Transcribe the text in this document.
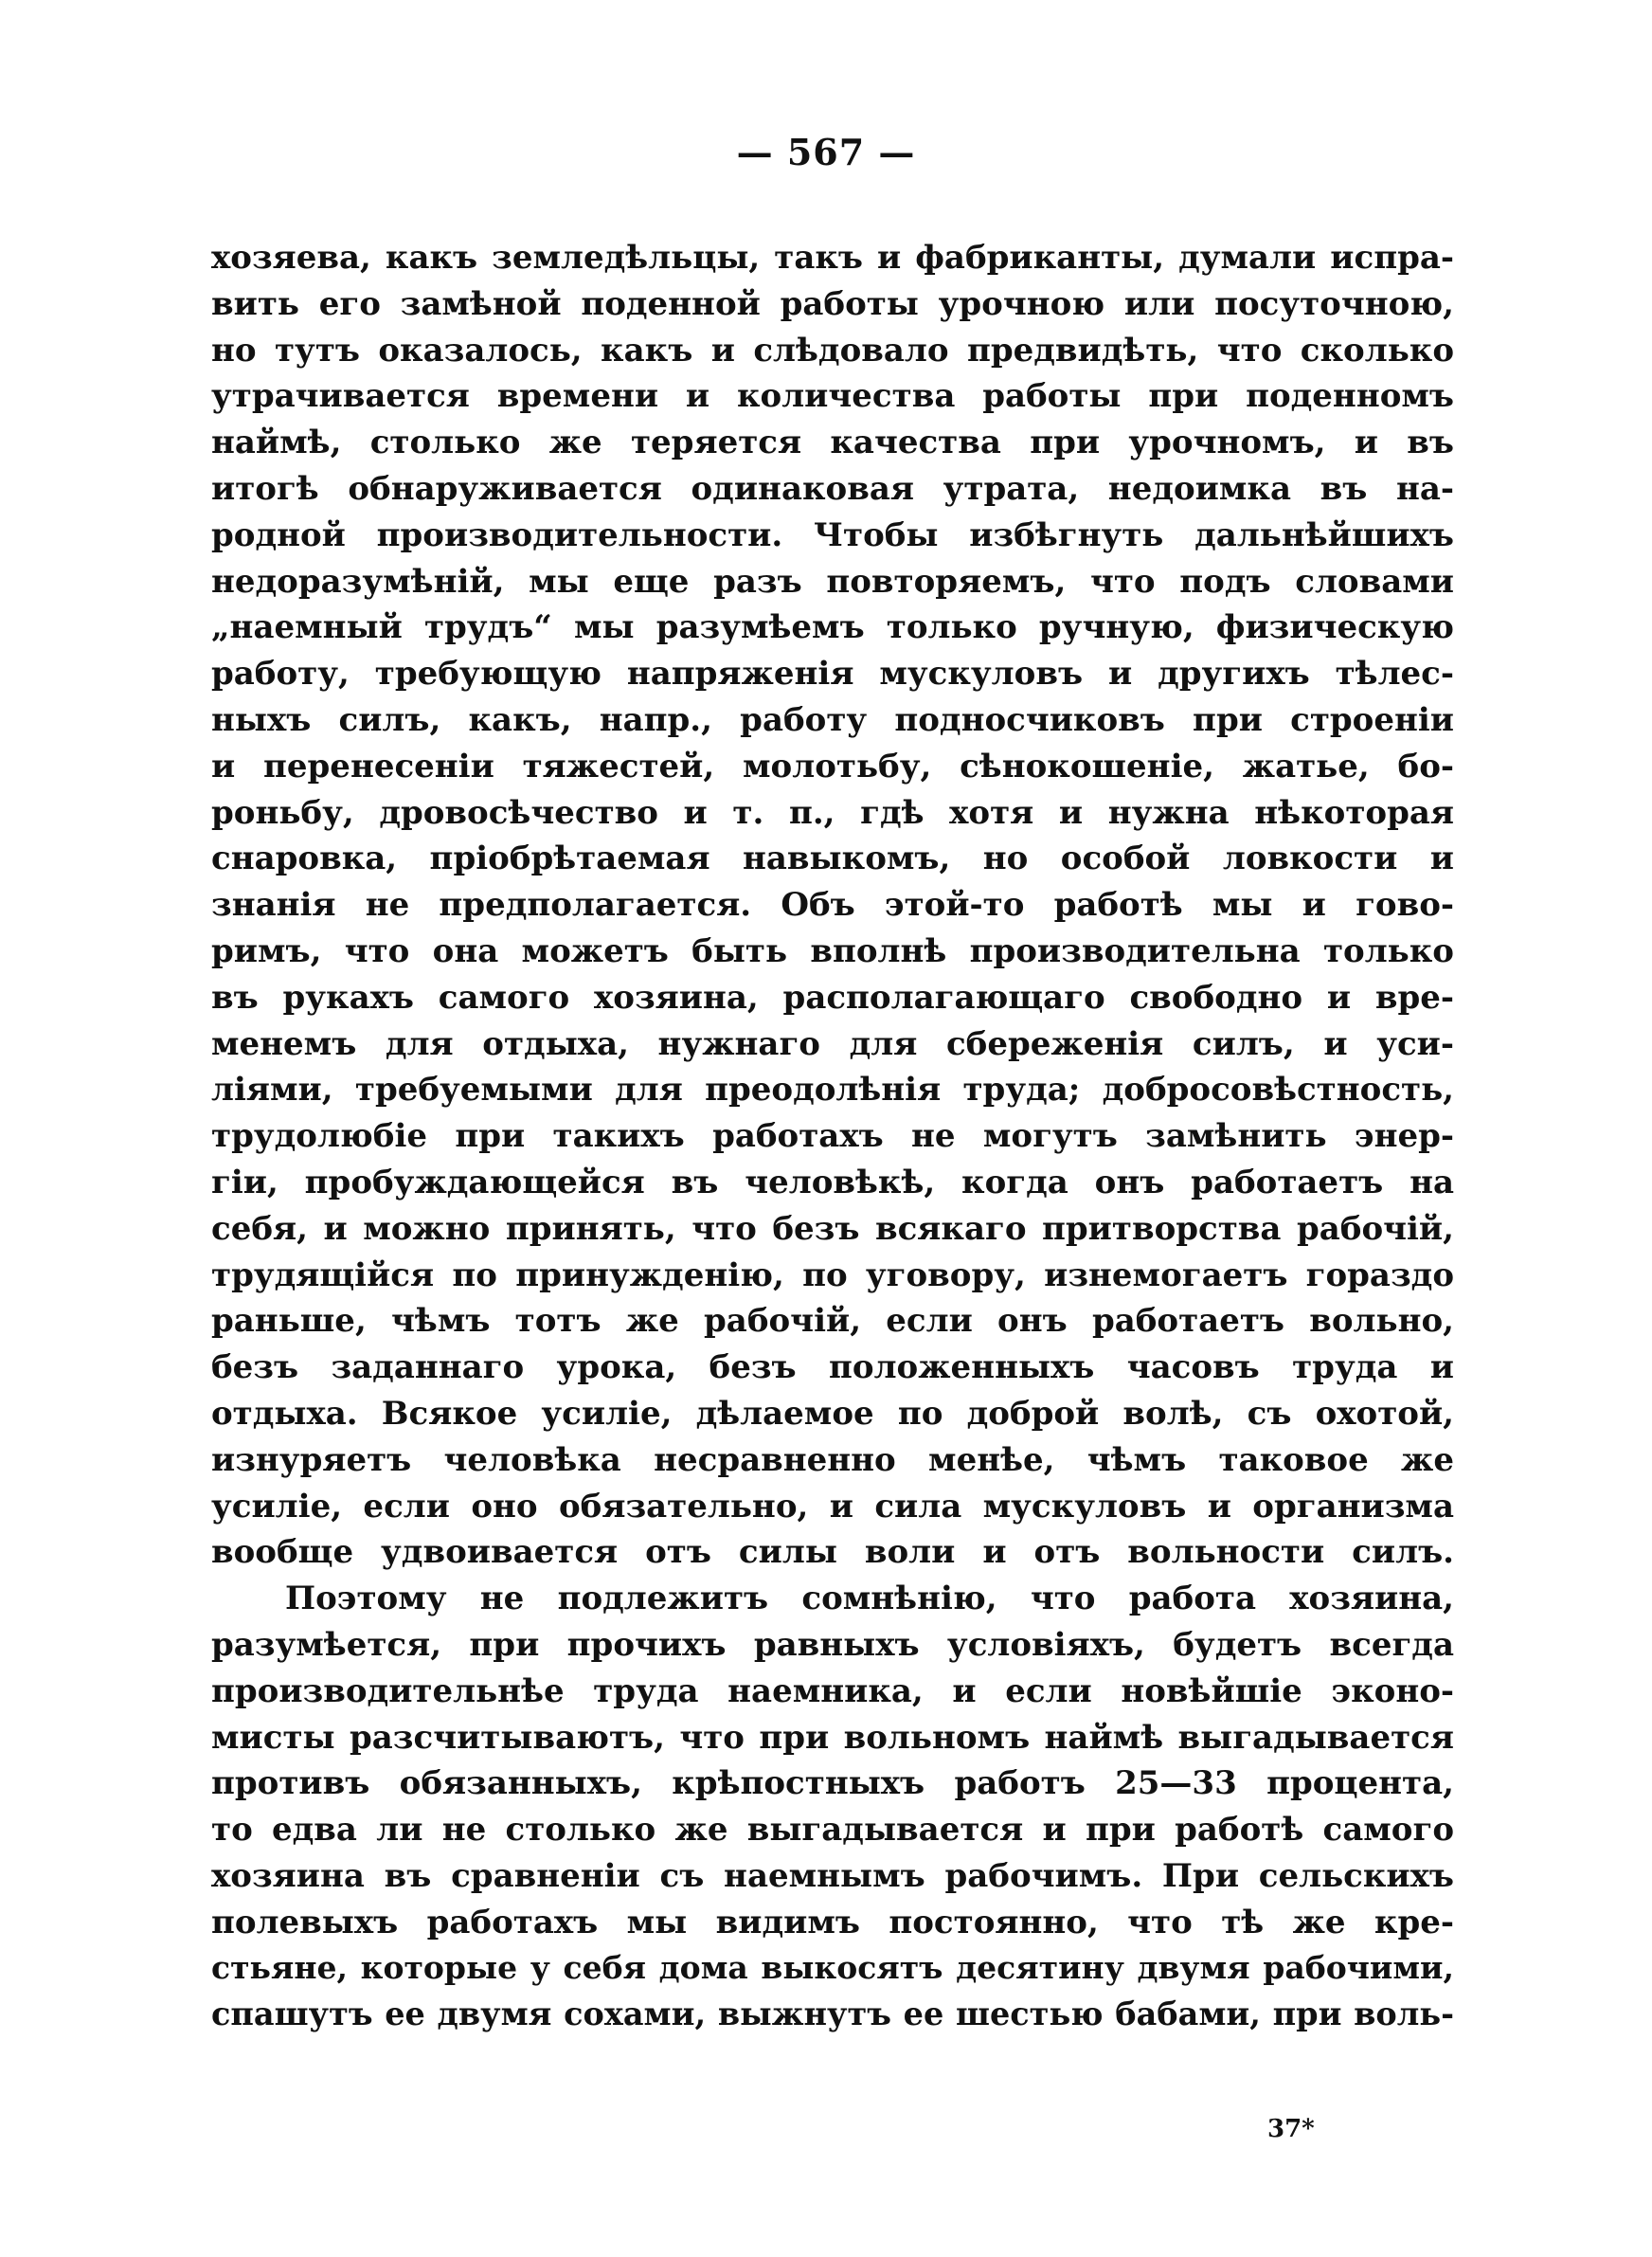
— 567 —
хозяева, какъ земледѣльцы, такъ и фабриканты, думали испра-
вить его замѣной поденной работы урочною или посуточною,
но тутъ оказалось, какъ и слѣдовало предвидѣть, что сколько
утрачивается времени и количества работы при поденномъ
наймѣ, столько же теряется качества при урочномъ, и въ
итогѣ обнаруживается одинаковая утрата, недоимка въ на-
родной производительности. Чтобы избѣгнуть дальнѣйшихъ
недоразумѣній, мы еще разъ повторяемъ, что подъ словами
„наемный трудъ“ мы разумѣемъ только ручную, физическую
работу, требующую напряженія мускуловъ и другихъ тѣлес-
ныхъ силъ, какъ, напр., работу подносчиковъ при строеніи
и перенесеніи тяжестей, молотьбу, сѣнокошеніе, жатье, бо-
роньбу, дровосѣчество и т. п., гдѣ хотя и нужна нѣкоторая
снаровка, пріобрѣтаемая навыкомъ, но особой ловкости и
знанія не предполагается. Объ этой-то работѣ мы и гово-
римъ, что она можетъ быть вполнѣ производительна только
въ рукахъ самого хозяина, располагающаго свободно и вре-
менемъ для отдыха, нужнаго для сбереженія силъ, и уси-
ліями, требуемыми для преодолѣнія труда; добросовѣстность,
трудолюбіе при такихъ работахъ не могутъ замѣнить энер-
гіи, пробуждающейся въ человѣкѣ, когда онъ работаетъ на
себя, и можно принять, что безъ всякаго притворства рабочій,
трудящійся по принужденію, по уговору, изнемогаетъ гораздо
раньше, чѣмъ тотъ же рабочій, если онъ работаетъ вольно,
безъ заданнаго урока, безъ положенныхъ часовъ труда и
отдыха. Всякое усиліе, дѣлаемое по доброй волѣ, съ охотой,
изнуряетъ человѣка несравненно менѣе, чѣмъ таковое же
усиліе, если оно обязательно, и сила мускуловъ и организма
вообще удвоивается отъ силы воли и отъ вольности силъ.
Поэтому не подлежитъ сомнѣнію, что работа хозяина,
разумѣется, при прочихъ равныхъ условіяхъ, будетъ всегда
производительнѣе труда наемника, и если новѣйшіе эконо-
мисты разсчитываютъ, что при вольномъ наймѣ выгадывается
противъ обязанныхъ, крѣпостныхъ работъ 25—33 процента,
то едва ли не столько же выгадывается и при работѣ самого
хозяина въ сравненіи съ наемнымъ рабочимъ. При сельскихъ
полевыхъ работахъ мы видимъ постоянно, что тѣ же кре-
стьяне, которые у себя дома выкосятъ десятину двумя рабочими,
спашутъ ее двумя сохами, выжнутъ ее шестью бабами, при воль-
37*
